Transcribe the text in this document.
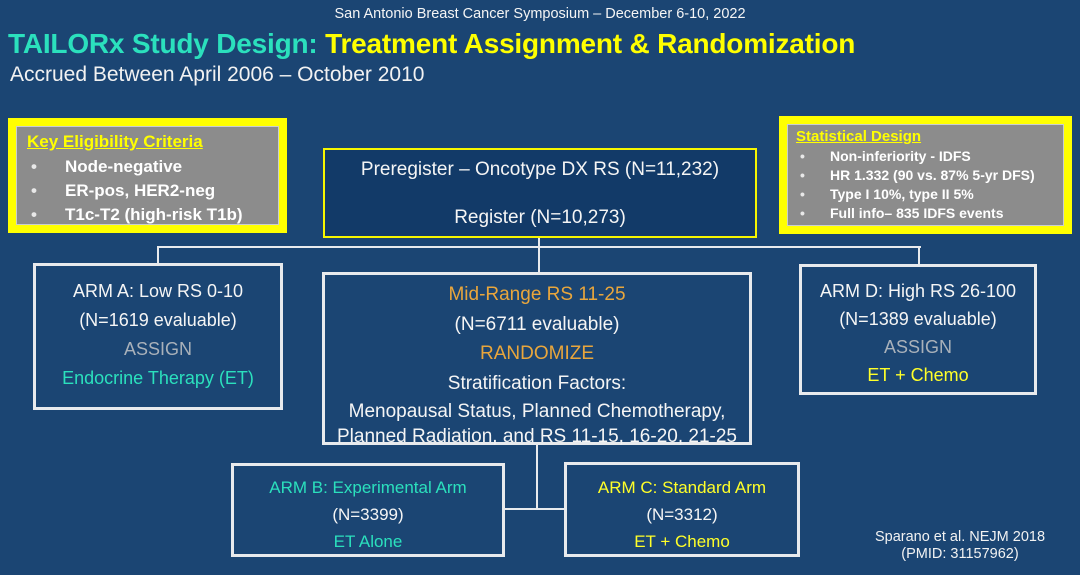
San Antonio Breast Cancer Symposium – December 6-10, 2022
TAILORx Study Design: Treatment Assignment & Randomization
Accrued Between April 2006 – October 2010
Key Eligibility Criteria
•	Node-negative
•	ER-pos, HER2-neg
•	T1c-T2 (high-risk T1b)
Statistical Design
•	Non-inferiority - IDFS
•	HR 1.332 (90 vs. 87% 5-yr DFS)
•	Type I 10%, type II 5%
•	Full info– 835 IDFS events
Preregister – Oncotype DX RS (N=11,232)
Register (N=10,273)
ARM A: Low RS 0-10
(N=1619 evaluable)
ASSIGN
Endocrine Therapy (ET)
Mid-Range RS 11-25
(N=6711 evaluable)
RANDOMIZE
Stratification Factors:
Menopausal Status, Planned Chemotherapy,
Planned Radiation, and RS 11-15, 16-20, 21-25
ARM D: High RS 26-100
(N=1389 evaluable)
ASSIGN
ET + Chemo
ARM B: Experimental Arm
(N=3399)
ET Alone
ARM C: Standard Arm
(N=3312)
ET + Chemo	Sparano et al. NEJM 2018
(PMID: 31157962)
